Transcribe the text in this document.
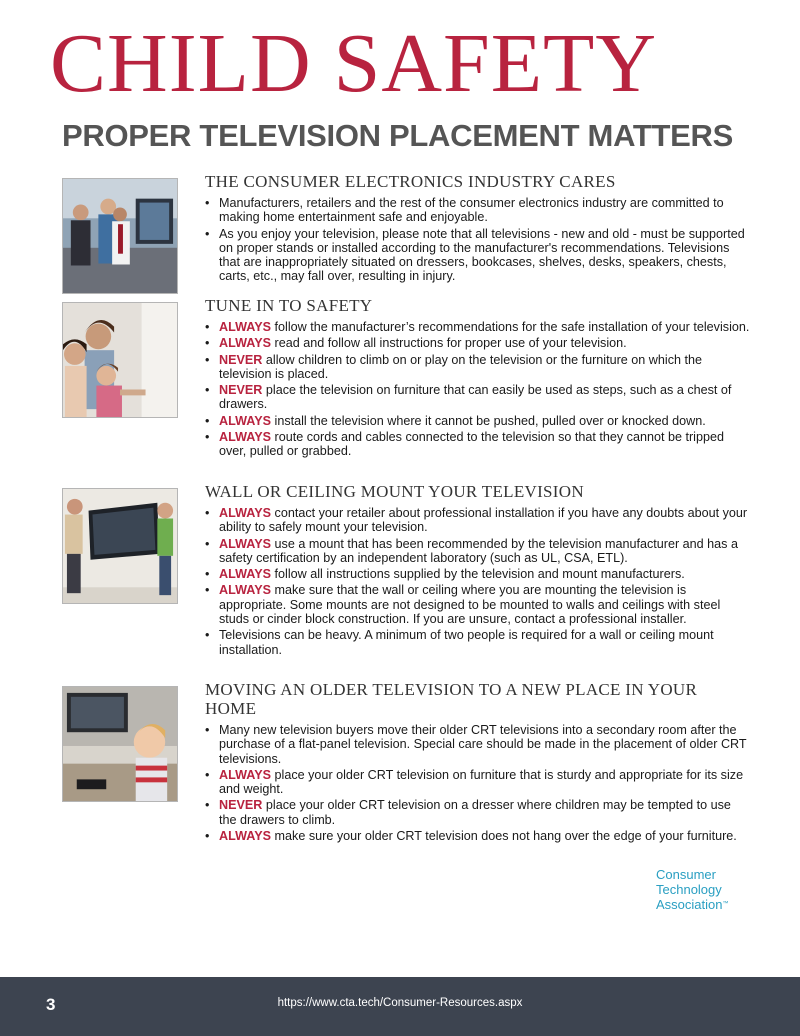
CHILD SAFETY
PROPER TELEVISION PLACEMENT MATTERS
THE CONSUMER ELECTRONICS INDUSTRY CARES
• Manufacturers, retailers and the rest of the consumer electronics industry are committed to making home entertainment safe and enjoyable.
• As you enjoy your television, please note that all televisions - new and old - must be supported on proper stands or installed according to the manufacturer's recommendations. Televisions that are inappropriately situated on dressers, bookcases, shelves, desks, speakers, chests, carts, etc., may fall over, resulting in injury.
TUNE IN TO SAFETY
• ALWAYS follow the manufacturer’s recommendations for the safe installation of your television.
• ALWAYS read and follow all instructions for proper use of your television.
• NEVER allow children to climb on or play on the television or the furniture on which the television is placed.
• NEVER place the television on furniture that can easily be used as steps, such as a chest of drawers.
• ALWAYS install the television where it cannot be pushed, pulled over or knocked down.
• ALWAYS route cords and cables connected to the television so that they cannot be tripped over, pulled or grabbed.
WALL OR CEILING MOUNT YOUR TELEVISION
• ALWAYS contact your retailer about professional installation if you have any doubts about your ability to safely mount your television.
• ALWAYS use a mount that has been recommended by the television manufacturer and has a safety certification by an independent laboratory (such as UL, CSA, ETL).
• ALWAYS follow all instructions supplied by the television and mount manufacturers.
• ALWAYS make sure that the wall or ceiling where you are mounting the television is appropriate. Some mounts are not designed to be mounted to walls and ceilings with steel studs or cinder block construction. If you are unsure, contact a professional installer.
• Televisions can be heavy. A minimum of two people is required for a wall or ceiling mount installation.
MOVING AN OLDER TELEVISION TO A NEW PLACE IN YOUR HOME
• Many new television buyers move their older CRT televisions into a secondary room after the purchase of a flat-panel television. Special care should be made in the placement of older CRT televisions.
• ALWAYS place your older CRT television on furniture that is sturdy and appropriate for its size and weight.
• NEVER place your older CRT television on a dresser where children may be tempted to use the drawers to climb.
• ALWAYS make sure your older CRT television does not hang over the edge of your furniture.
Consumer
Technology
Association™
3	https://www.cta.tech/Consumer-Resources.aspx
